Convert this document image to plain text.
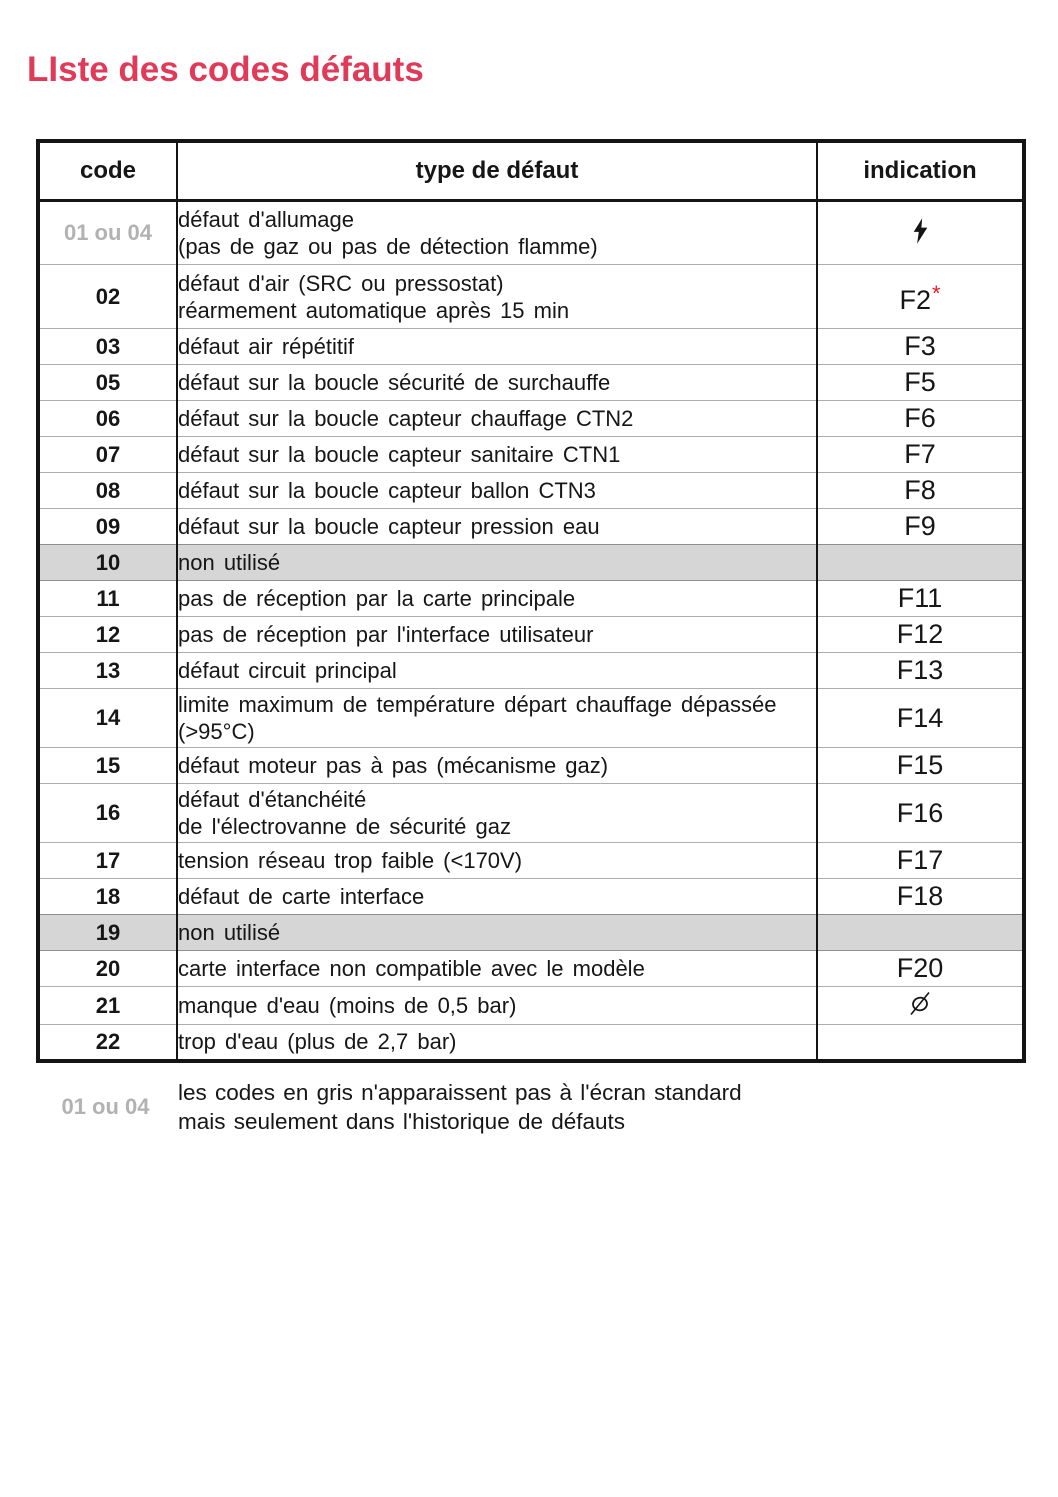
LIste des codes défauts
code	type de défaut	indication
01 ou 04	défaut d'allumage
(pas de gaz ou pas de détection flamme)

02	défaut d'air (SRC ou pressostat)
réarmement automatique après 15 min	F2*
03	défaut air répétitif	F3
05	défaut sur la boucle sécurité de surchauffe	F5
06	défaut sur la boucle capteur chauffage CTN2	F6
07	défaut sur la boucle capteur sanitaire CTN1	F7
08	défaut sur la boucle capteur ballon CTN3	F8
09	défaut sur la boucle capteur pression eau	F9
10	non utilisé	

11	pas de réception par la carte principale	F11
12	pas de réception par l'interface utilisateur	F12
13	défaut circuit principal	F13
14	limite maximum de température départ chauffage dépassée
(>95°C)	F14
15	défaut moteur pas à pas (mécanisme gaz)	F15
16	défaut d'étanchéité
de l'électrovanne de sécurité gaz	F16
17	tension réseau trop faible (<170V)	F17
18	défaut de carte interface	F18
19	non utilisé	

20	carte interface non compatible avec le modèle	F20
21	manque d'eau (moins de 0,5 bar)

22	trop d'eau (plus de 2,7 bar)	

01 ou 04
les codes en gris n'apparaissent pas à l'écran standard
mais seulement dans l'historique de défauts
